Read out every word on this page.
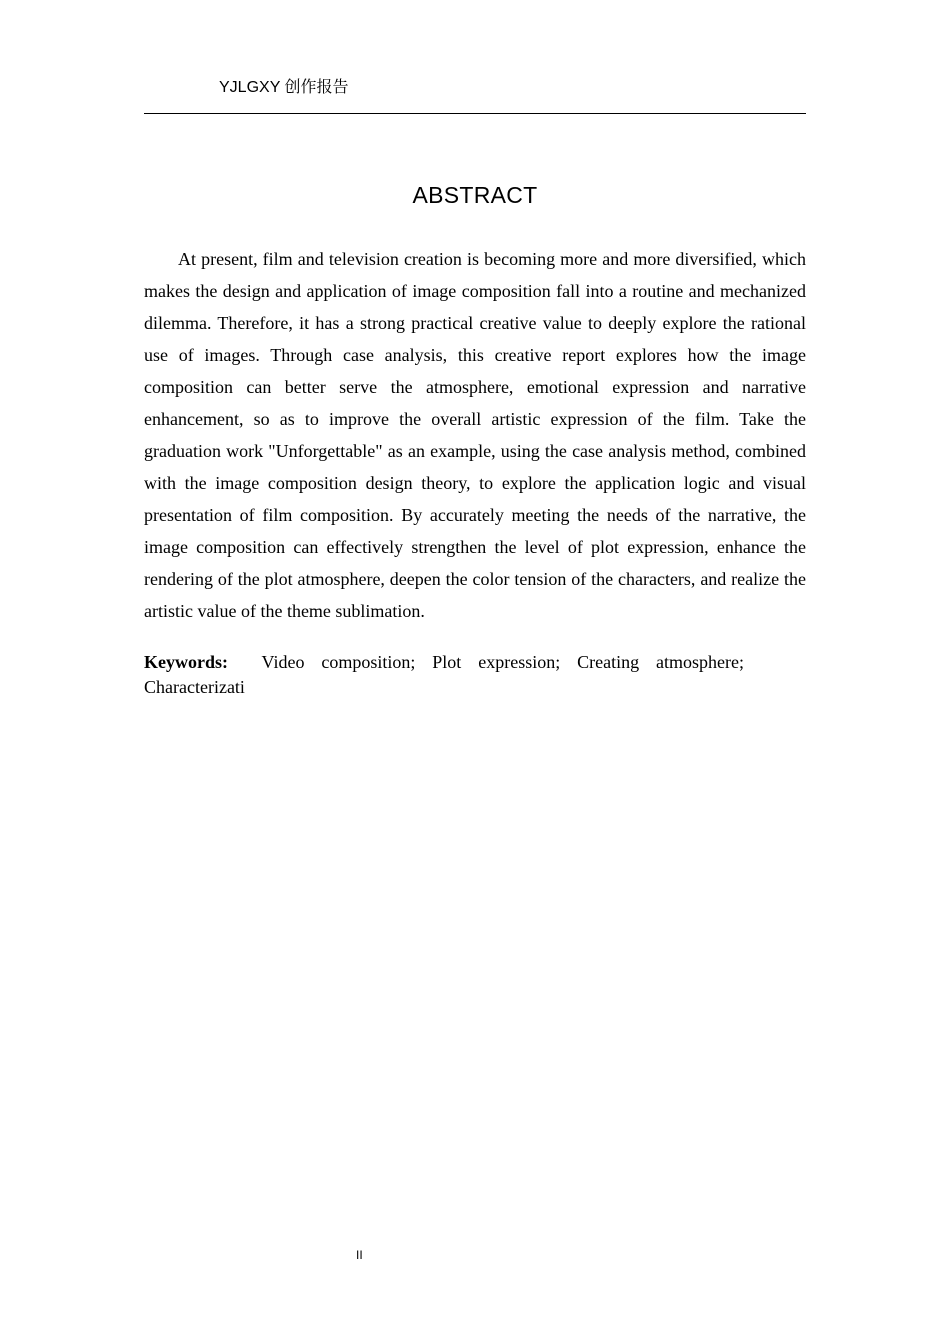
YJLGXY 创作报告
ABSTRACT

At present, film and television creation is becoming more and more diversified, which makes the design and application of image composition fall into a routine and mechanized dilemma. Therefore, it has a strong practical creative value to deeply explore the rational use of images. Through case analysis, this creative report explores how the image composition can better serve the atmosphere, emotional expression and narrative enhancement, so as to improve the overall artistic expression of the film. Take the graduation work "Unforgettable" as an example, using the case analysis method, combined with the image composition design theory, to explore the application logic and visual presentation of film composition. By accurately meeting the needs of the narrative, the image composition can effectively strengthen the level of plot expression, enhance the rendering of the plot atmosphere, deepen the color tension of the characters, and realize the artistic value of the theme sublimation.

Keywords: Video composition; Plot expression; Creating atmosphere; Characterizati

II
